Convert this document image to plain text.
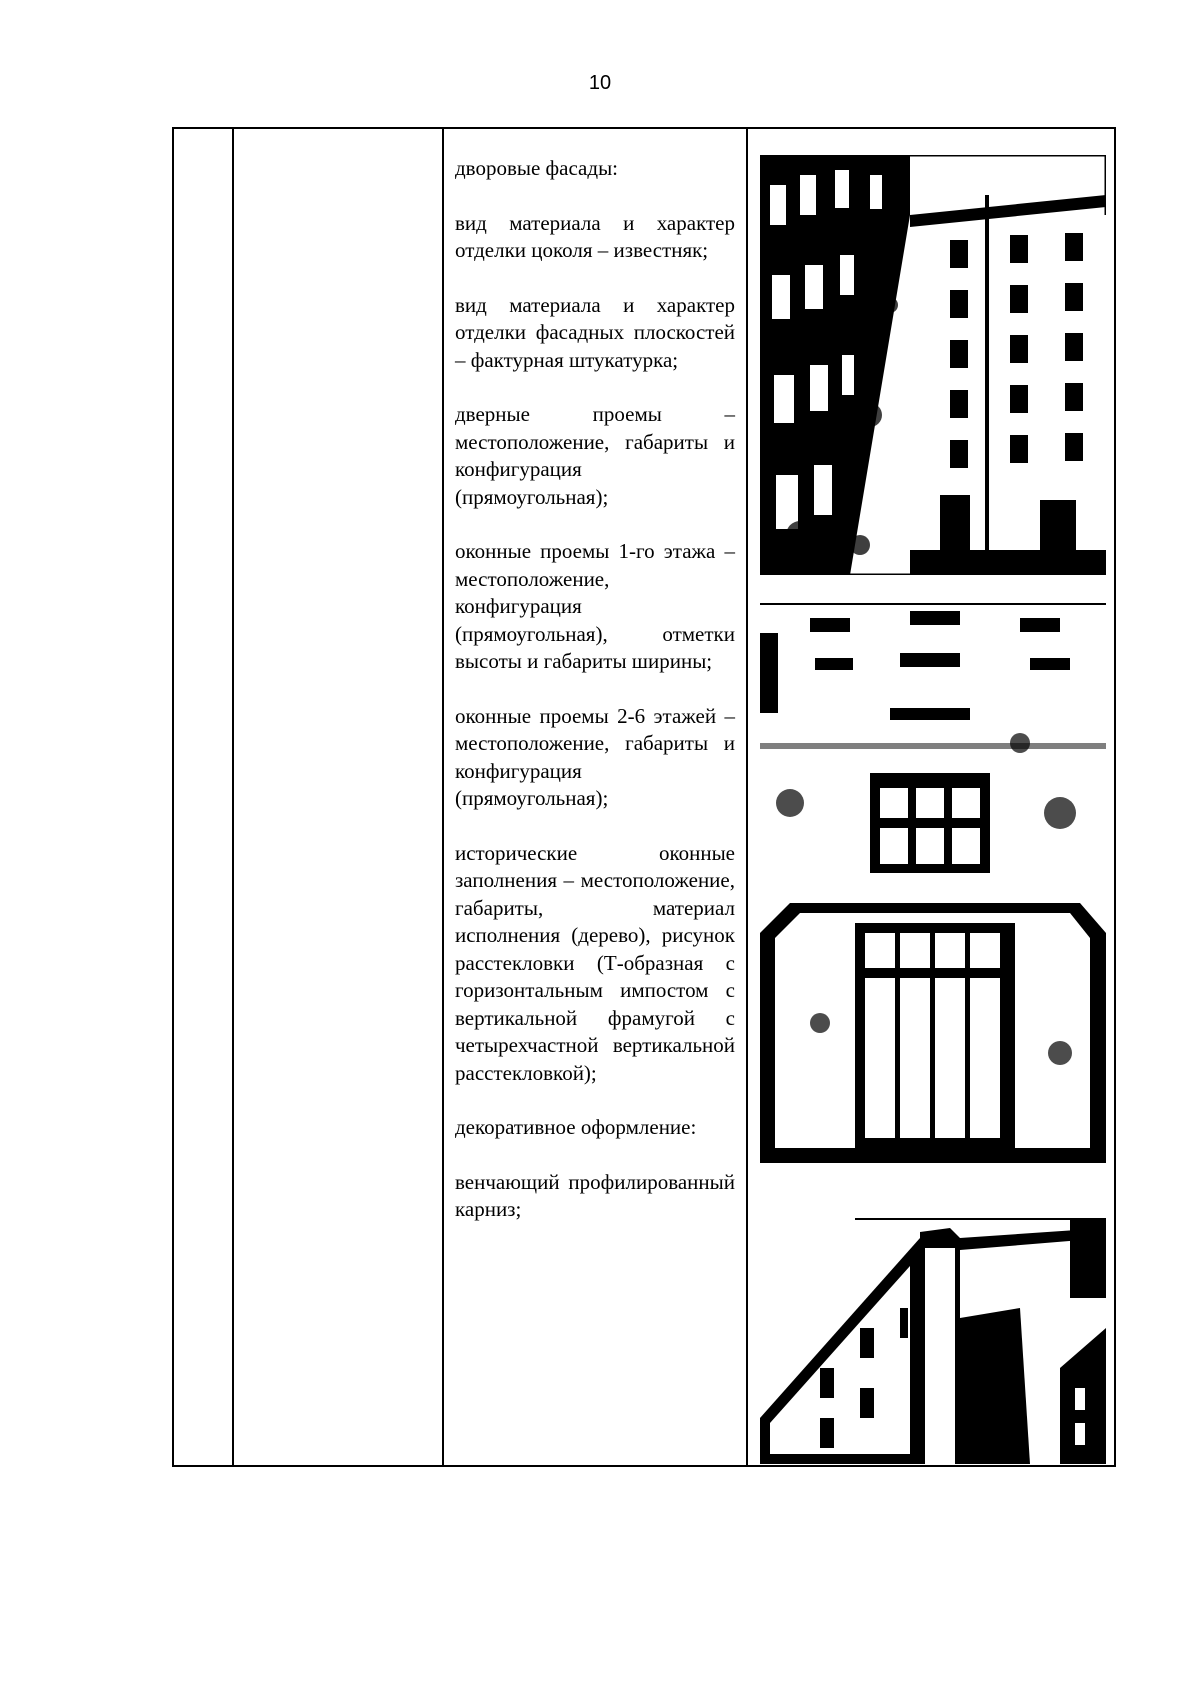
10

дворовые фасады:

вид материала и характер отделки цоколя – известняк;

вид материала и характер отделки фасадных плоскостей – фактурная штукатурка;

дверные проемы – местоположение, габариты и конфигурация (прямоугольная);

оконные проемы 1-го этажа – местоположение, конфигурация (прямоугольная), отметки высоты и габариты ширины;

оконные проемы 2-6 этажей – местоположение, габариты и конфигурация (прямоугольная);

исторические оконные заполнения – местоположение, габариты, материал исполнения (дерево), рисунок расстекловки (Т-образная с горизонтальным импостом с вертикальной фрамугой с четырехчастной вертикальной расстекловкой);

декоративное оформление:

венчающий профилированный карниз;
